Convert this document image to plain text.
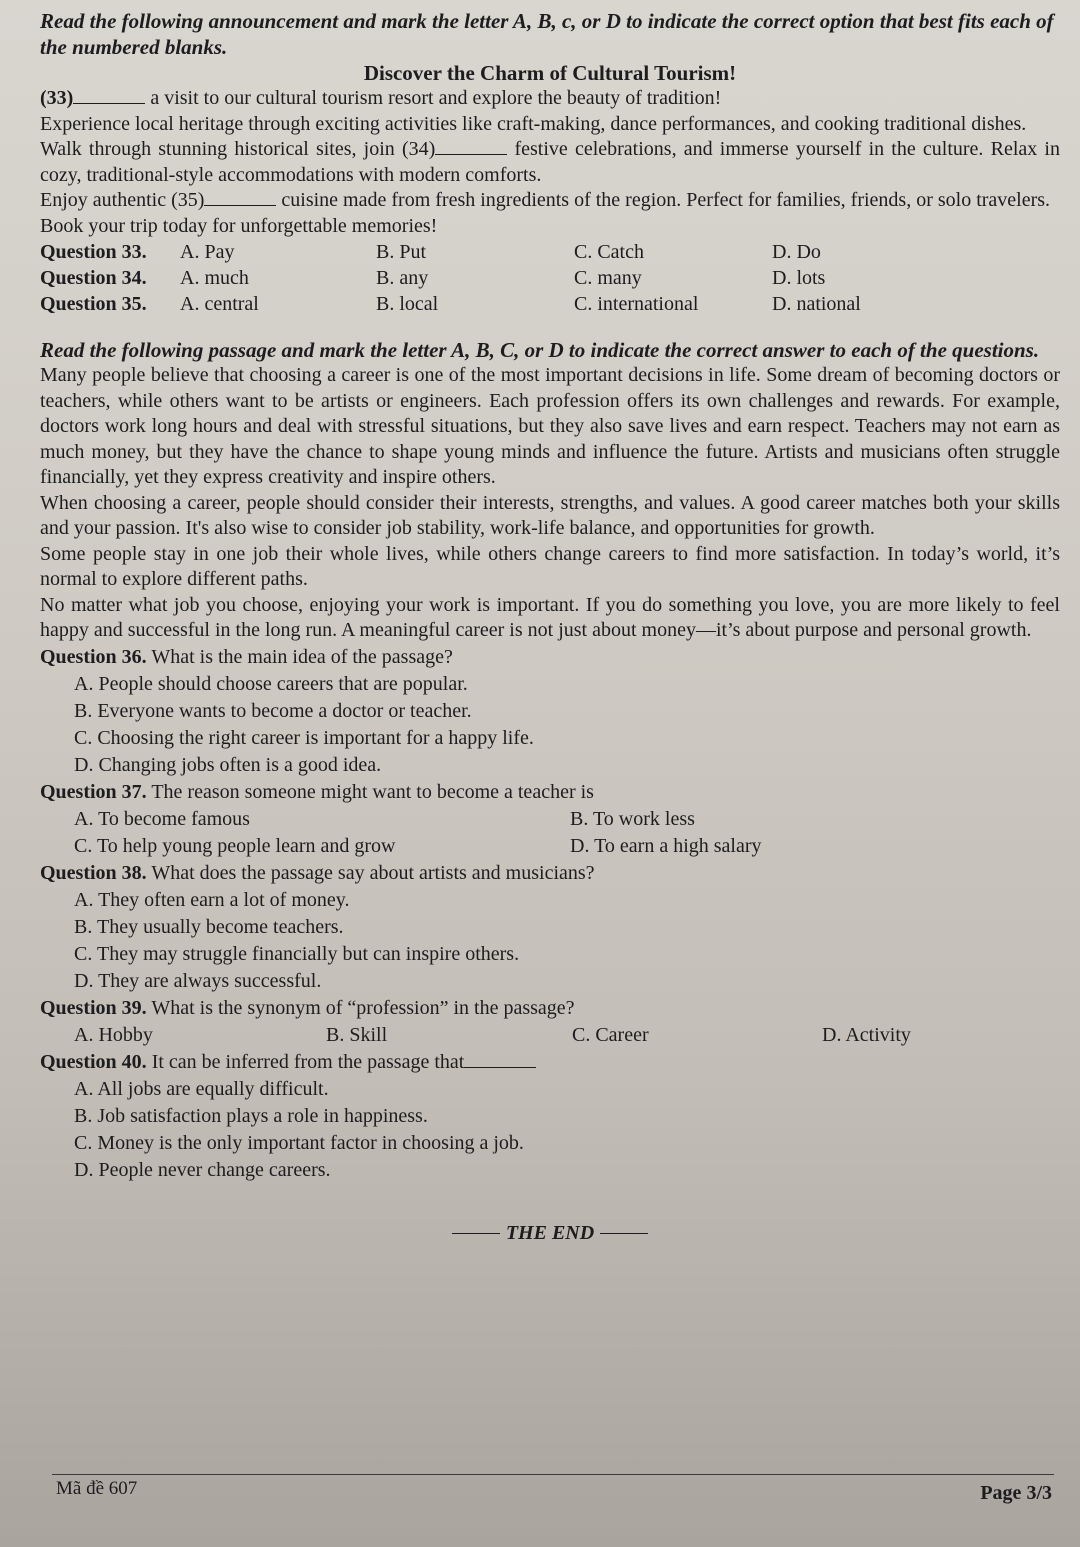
Read the following announcement and mark the letter A, B, c, or D to indicate the correct option that best fits each of the numbered blanks.

Discover the Charm of Cultural Tourism!

(33)	a visit to our cultural tourism resort and explore the beauty of tradition!

Experience local heritage through exciting activities like craft-making, dance performances, and cooking traditional dishes.

Walk through stunning historical sites, join (34)	festive celebrations, and immerse yourself in the culture. Relax in cozy, traditional-style accommodations with modern comforts.

Enjoy authentic (35)	cuisine made from fresh ingredients of the region. Perfect for families, friends, or solo travelers.

Book your trip today for unforgettable memories!

Question 33.	A. Pay	B. Put	C. Catch	D. Do
Question 34.	A. much	B. any	C. many	D. lots
Question 35.	A. central	B. local	C. international	D. national

Read the following passage and mark the letter A, B, C, or D to indicate the correct answer to each of the questions.

Many people believe that choosing a career is one of the most important decisions in life. Some dream of becoming doctors or teachers, while others want to be artists or engineers. Each profession offers its own challenges and rewards. For example, doctors work long hours and deal with stressful situations, but they also save lives and earn respect. Teachers may not earn as much money, but they have the chance to shape young minds and influence the future. Artists and musicians often struggle financially, yet they express creativity and inspire others.

When choosing a career, people should consider their interests, strengths, and values. A good career matches both your skills and your passion. It's also wise to consider job stability, work-life balance, and opportunities for growth.

Some people stay in one job their whole lives, while others change careers to find more satisfaction. In today’s world, it’s normal to explore different paths.

No matter what job you choose, enjoying your work is important. If you do something you love, you are more likely to feel happy and successful in the long run. A meaningful career is not just about money—it’s about purpose and personal growth.

Question 36. What is the main idea of the passage?

A. People should choose careers that are popular.
B. Everyone wants to become a doctor or teacher.
C. Choosing the right career is important for a happy life.
D. Changing jobs often is a good idea.

Question 37. The reason someone might want to become a teacher is

A. To become famous	B. To work less
C. To help young people learn and grow	D. To earn a high salary

Question 38. What does the passage say about artists and musicians?

A. They often earn a lot of money.
B. They usually become teachers.
C. They may struggle financially but can inspire others.
D. They are always successful.

Question 39. What is the synonym of “profession” in the passage?

A. Hobby	B. Skill	C. Career	D. Activity

Question 40. It can be inferred from the passage that

A. All jobs are equally difficult.
B. Job satisfaction plays a role in happiness.
C. Money is the only important factor in choosing a job.
D. People never change careers.
THE END
Mã đề 607	Page 3/3
